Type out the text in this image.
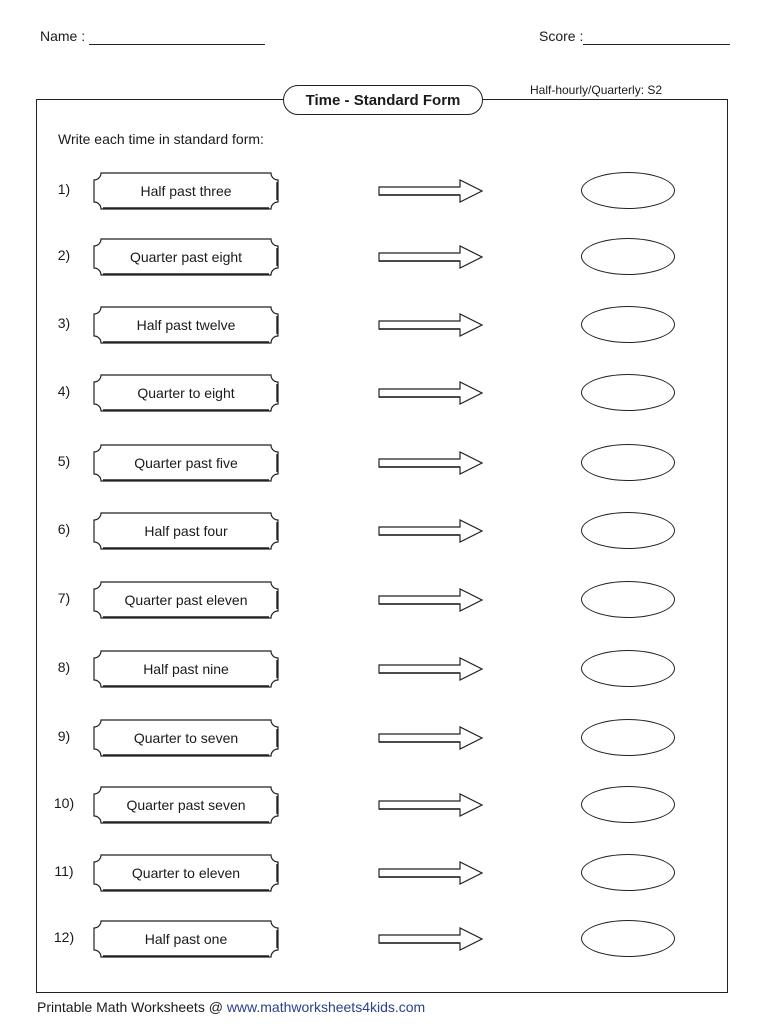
Name :	Score :
Time - Standard Form
Half-hourly/Quarterly: S2
Write each time in standard form:
1)	Half past three
2)	Quarter past eight
3)	Half past twelve
4)	Quarter to eight
5)	Quarter past five
6)	Half past four
7)	Quarter past eleven
8)	Half past nine
9)	Quarter to seven
10)	Quarter past seven
11)	Quarter to eleven
12)	Half past one
Printable Math Worksheets @ www.mathworksheets4kids.com
